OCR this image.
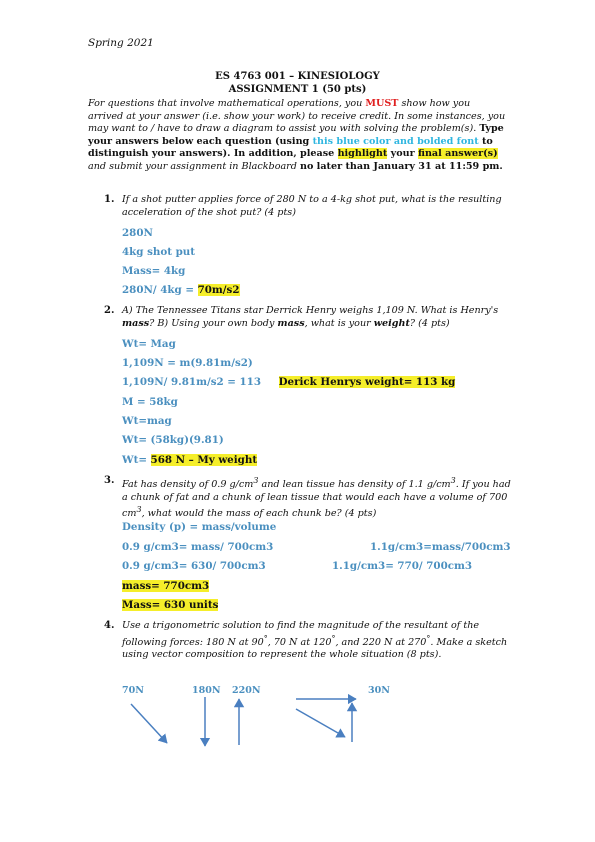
Spring 2021
ES 4763 001 – KINESIOLOGY
ASSIGNMENT 1 (50 pts)
For questions that involve mathematical operations, you MUST show how you arrived at your answer (i.e. show your work) to receive credit. In some instances, you may want to / have to draw a diagram to assist you with solving the problem(s). Type your answers below each question (using this blue color and bolded font to distinguish your answers). In addition, please highlight your final answer(s) and submit your assignment in Blackboard no later than January 31 at 11:59 pm.
1. If a shot putter applies force of 280 N to a 4-kg shot put, what is the resulting acceleration of the shot put? (4 pts)
280N
4kg shot put
Mass= 4kg
280N/ 4kg = 70m/s2
2. A) The Tennessee Titans star Derrick Henry weighs 1,109 N. What is Henry's mass? B) Using your own body mass, what is your weight? (4 pts)
Wt= Mag
1,109N = m(9.81m/s2)
1,109N/ 9.81m/s2 = 113 Derick Henrys weight= 113 kg
M = 58kg
Wt=mag
Wt= (58kg)(9.81)
Wt= 568 N – My weight
3. Fat has density of 0.9 $g/cm^3$ and lean tissue has density of 1.1 $g/cm^3$. If you had a chunk of fat and a chunk of lean tissue that would each have a volume of 700 $cm^3$, what would the mass of each chunk be? (4 pts)
Density (p) = mass/volume
0.9 g/cm3= mass/ 700cm3	1.1g/cm3=mass/700cm3
0.9 g/cm3= 630/ 700cm3	1.1g/cm3= 770/ 700cm3
mass= 770cm3
Mass= 630 units
4. Use a trigonometric solution to find the magnitude of the resultant of the following forces: 180 N at 90°, 70 N at 120°, and 220 N at 270°. Make a sketch using vector composition to represent the whole situation (8 pts).
70N	180N 220N	30N
